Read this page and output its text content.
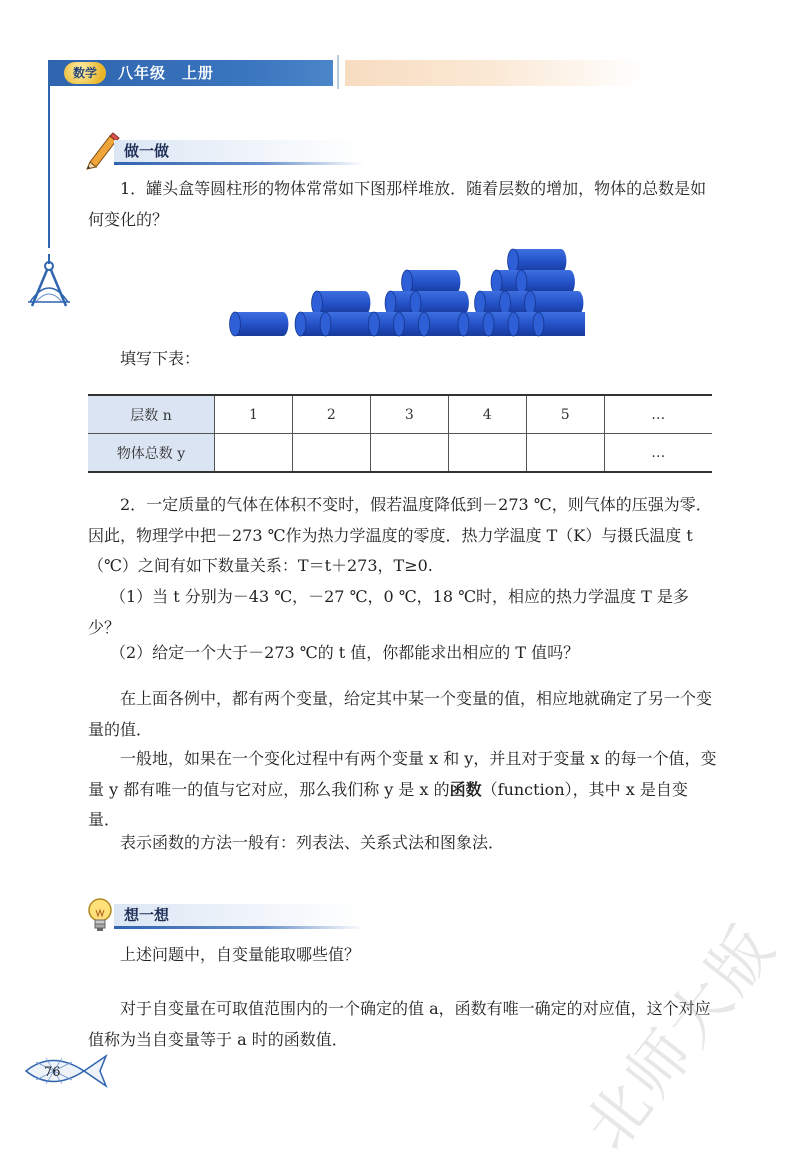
数学	八年级　上册
做一做

1．罐头盒等圆柱形的物体常常如下图那样堆放．随着层数的增加，物体的总数是如何变化的？

填写下表：

层数 n	1	2	3	4	5	…
物体总数 y						…

2．一定质量的气体在体积不变时，假若温度降低到－273 ℃，则气体的压强为零．因此，物理学中把－273 ℃作为热力学温度的零度．热力学温度 T（K）与摄氏温度 t（℃）之间有如下数量关系：T＝t＋273，T≥0.

（1）当 t 分别为－43 ℃，－27 ℃，0 ℃，18 ℃时，相应的热力学温度 T 是多少？

（2）给定一个大于－273 ℃的 t 值，你都能求出相应的 T 值吗？

在上面各例中，都有两个变量，给定其中某一个变量的值，相应地就确定了另一个变量的值．

一般地，如果在一个变化过程中有两个变量 x 和 y，并且对于变量 x 的每一个值，变量 y 都有唯一的值与它对应，那么我们称 y 是 x 的函数（function），其中 x 是自变量．

表示函数的方法一般有：列表法、关系式法和图象法．

想一想

上述问题中，自变量能取哪些值？

对于自变量在可取值范围内的一个确定的值 a，函数有唯一确定的对应值，这个对应值称为当自变量等于 a 时的函数值．

76	北师大版
